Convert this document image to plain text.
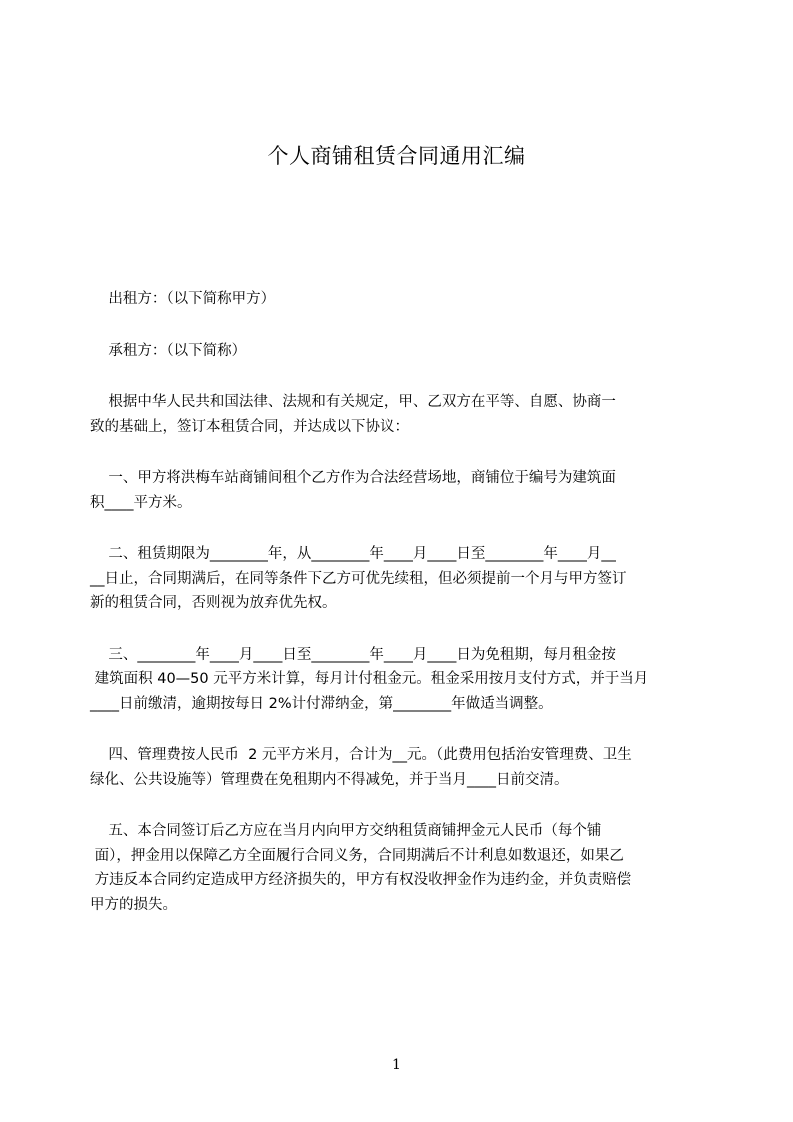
个人商铺租赁合同通用汇编
出租方：（以下简称甲方）
承租方：（以下简称）
根据中华人民共和国法律、法规和有关规定，甲、乙双方在平等、自愿、协商一
致的基础上，签订本租赁合同，并达成以下协议：
一、甲方将洪梅车站商铺间租个乙方作为合法经营场地，商铺位于编号为建筑面
积____平方米。
二、租赁期限为________年，从________年____月____日至________年____月__
__日止，合同期满后，在同等条件下乙方可优先续租，但必须提前一个月与甲方签订
新的租赁合同，否则视为放弃优先权。
三、________年____月____日至________年____月____日为免租期，每月租金按
建筑面积 40—50 元平方米计算，每月计付租金元。租金采用按月支付方式，并于当月
____日前缴清，逾期按每日 2%计付滞纳金，第________年做适当调整。
四、管理费按人民币  2 元平方米月，合计为__元。（此费用包括治安管理费、卫生
绿化、公共设施等）管理费在免租期内不得减免，并于当月____日前交清。
五、本合同签订后乙方应在当月内向甲方交纳租赁商铺押金元人民币（每个铺
面），押金用以保障乙方全面履行合同义务，合同期满后不计利息如数退还，如果乙
方违反本合同约定造成甲方经济损失的，甲方有权没收押金作为违约金，并负责赔偿
甲方的损失。
1
